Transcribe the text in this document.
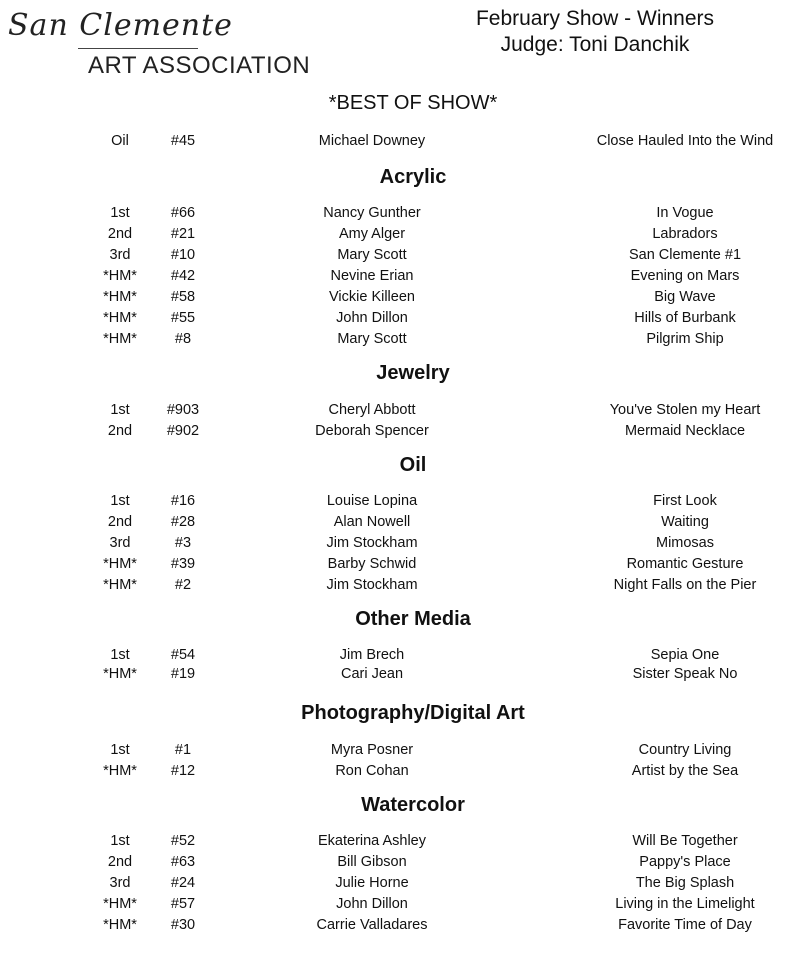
San Clemente
ART ASSOCIATION
February Show - Winners
Judge: Toni Danchik
*BEST OF SHOW*
Oil	#45	Michael Downey	Close Hauled Into the Wind
Acrylic
1st	#66	Nancy Gunther	In Vogue
2nd	#21	Amy Alger	Labradors
3rd	#10	Mary Scott	San Clemente #1
*HM*	#42	Nevine Erian	Evening on Mars
*HM*	#58	Vickie Killeen	Big Wave
*HM*	#55	John Dillon	Hills of Burbank
*HM*	#8	Mary Scott	Pilgrim Ship
Jewelry
1st	#903	Cheryl Abbott	You've Stolen my Heart
2nd	#902	Deborah Spencer	Mermaid Necklace
Oil
1st	#16	Louise Lopina	First Look
2nd	#28	Alan Nowell	Waiting
3rd	#3	Jim Stockham	Mimosas
*HM*	#39	Barby Schwid	Romantic Gesture
*HM*	#2	Jim Stockham	Night Falls on the Pier
Other Media
1st	#54	Jim Brech	Sepia One
*HM*	#19	Cari Jean	Sister Speak No
Photography/Digital Art
1st	#1	Myra Posner	Country Living
*HM*	#12	Ron Cohan	Artist by the Sea
Watercolor
1st	#52	Ekaterina Ashley	Will Be Together
2nd	#63	Bill Gibson	Pappy's Place
3rd	#24	Julie Horne	The Big Splash
*HM*	#57	John Dillon	Living in the Limelight
*HM*	#30	Carrie Valladares	Favorite Time of Day
